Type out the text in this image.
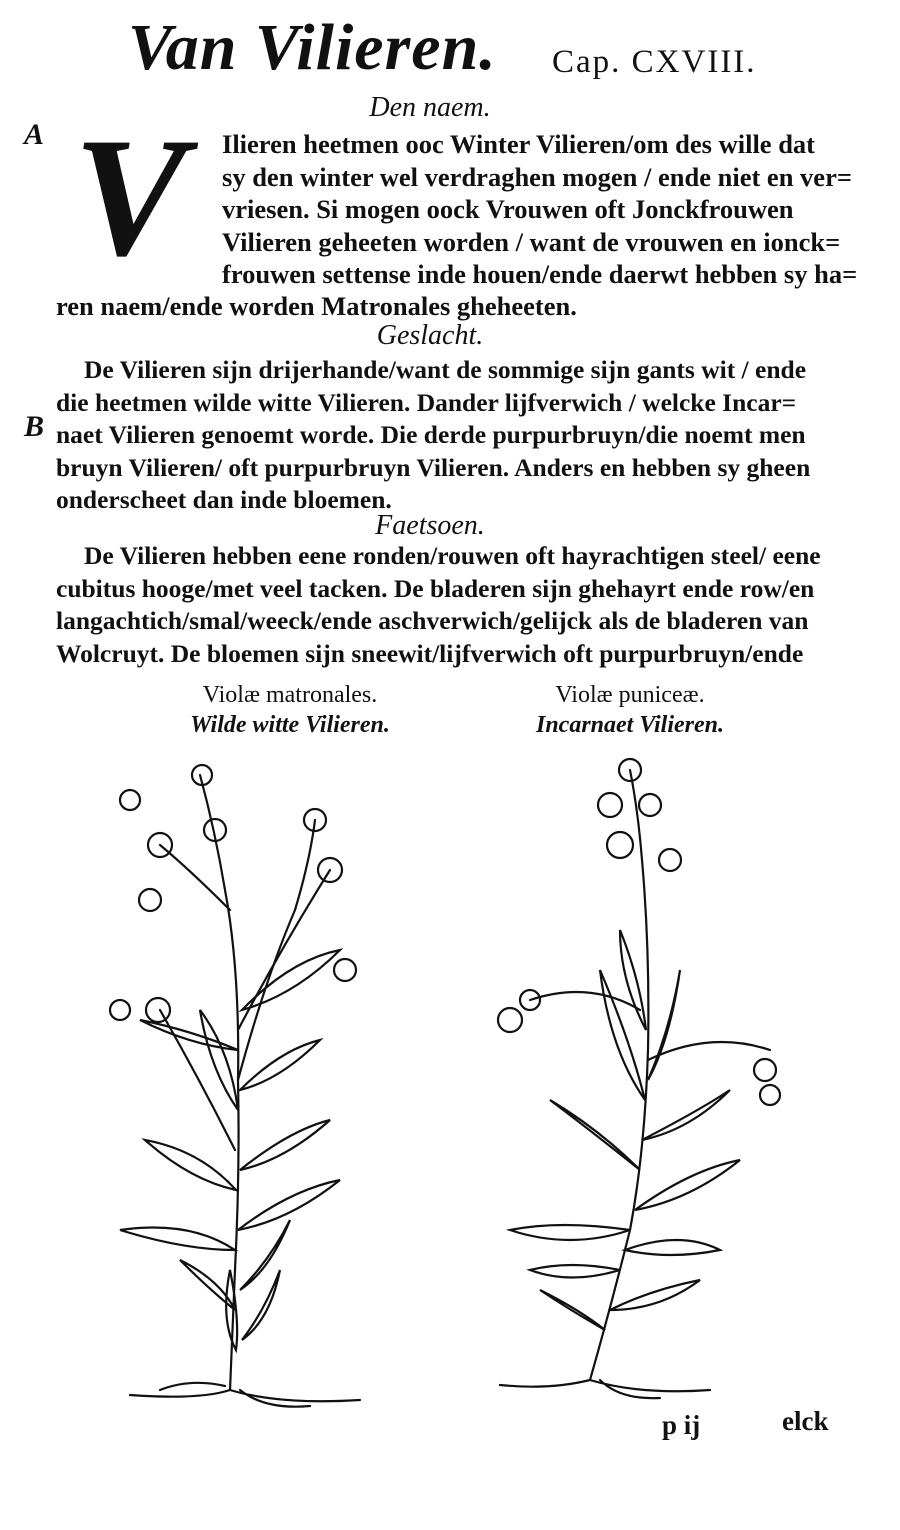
Van Vilieren. Cap. CXVIII.
Den naem.
A V	Ilieren heetmen ooc Winter Vilieren/om des wille dat
sy den winter wel verdraghen mogen / ende niet en ver=
vriesen. Si mogen oock Vrouwen oft Jonckfrouwen
Vilieren geheeten worden / want de vrouwen en ionck=
frouwen settense inde houen/ende daerwt hebben sy ha=
ren naem/ende worden Matronales gheheeten.
Geslacht.
B
De Vilieren sijn drijerhande/want de sommige sijn gants wit / ende
die heetmen wilde witte Vilieren. Dander lijfverwich / welcke Incar=
naet Vilieren genoemt worde. Die derde purpurbruyn/die noemt men
bruyn Vilieren/ oft purpurbruyn Vilieren. Anders en hebben sy gheen
onderscheet dan inde bloemen.
Faetsoen.
De Vilieren hebben eene ronden/rouwen oft hayrachtigen steel/ eene
cubitus hooge/met veel tacken. De bladeren sijn ghehayrt ende row/en
langachtich/smal/weeck/ende aschverwich/gelijck als de bladeren van
Wolcruyt. De bloemen sijn sneewit/lijfverwich oft purpurbruyn/ende
Violæ matronales.
Wilde witte Vilieren.
Violæ puniceæ.
Incarnaet Vilieren.
p ij	elck
